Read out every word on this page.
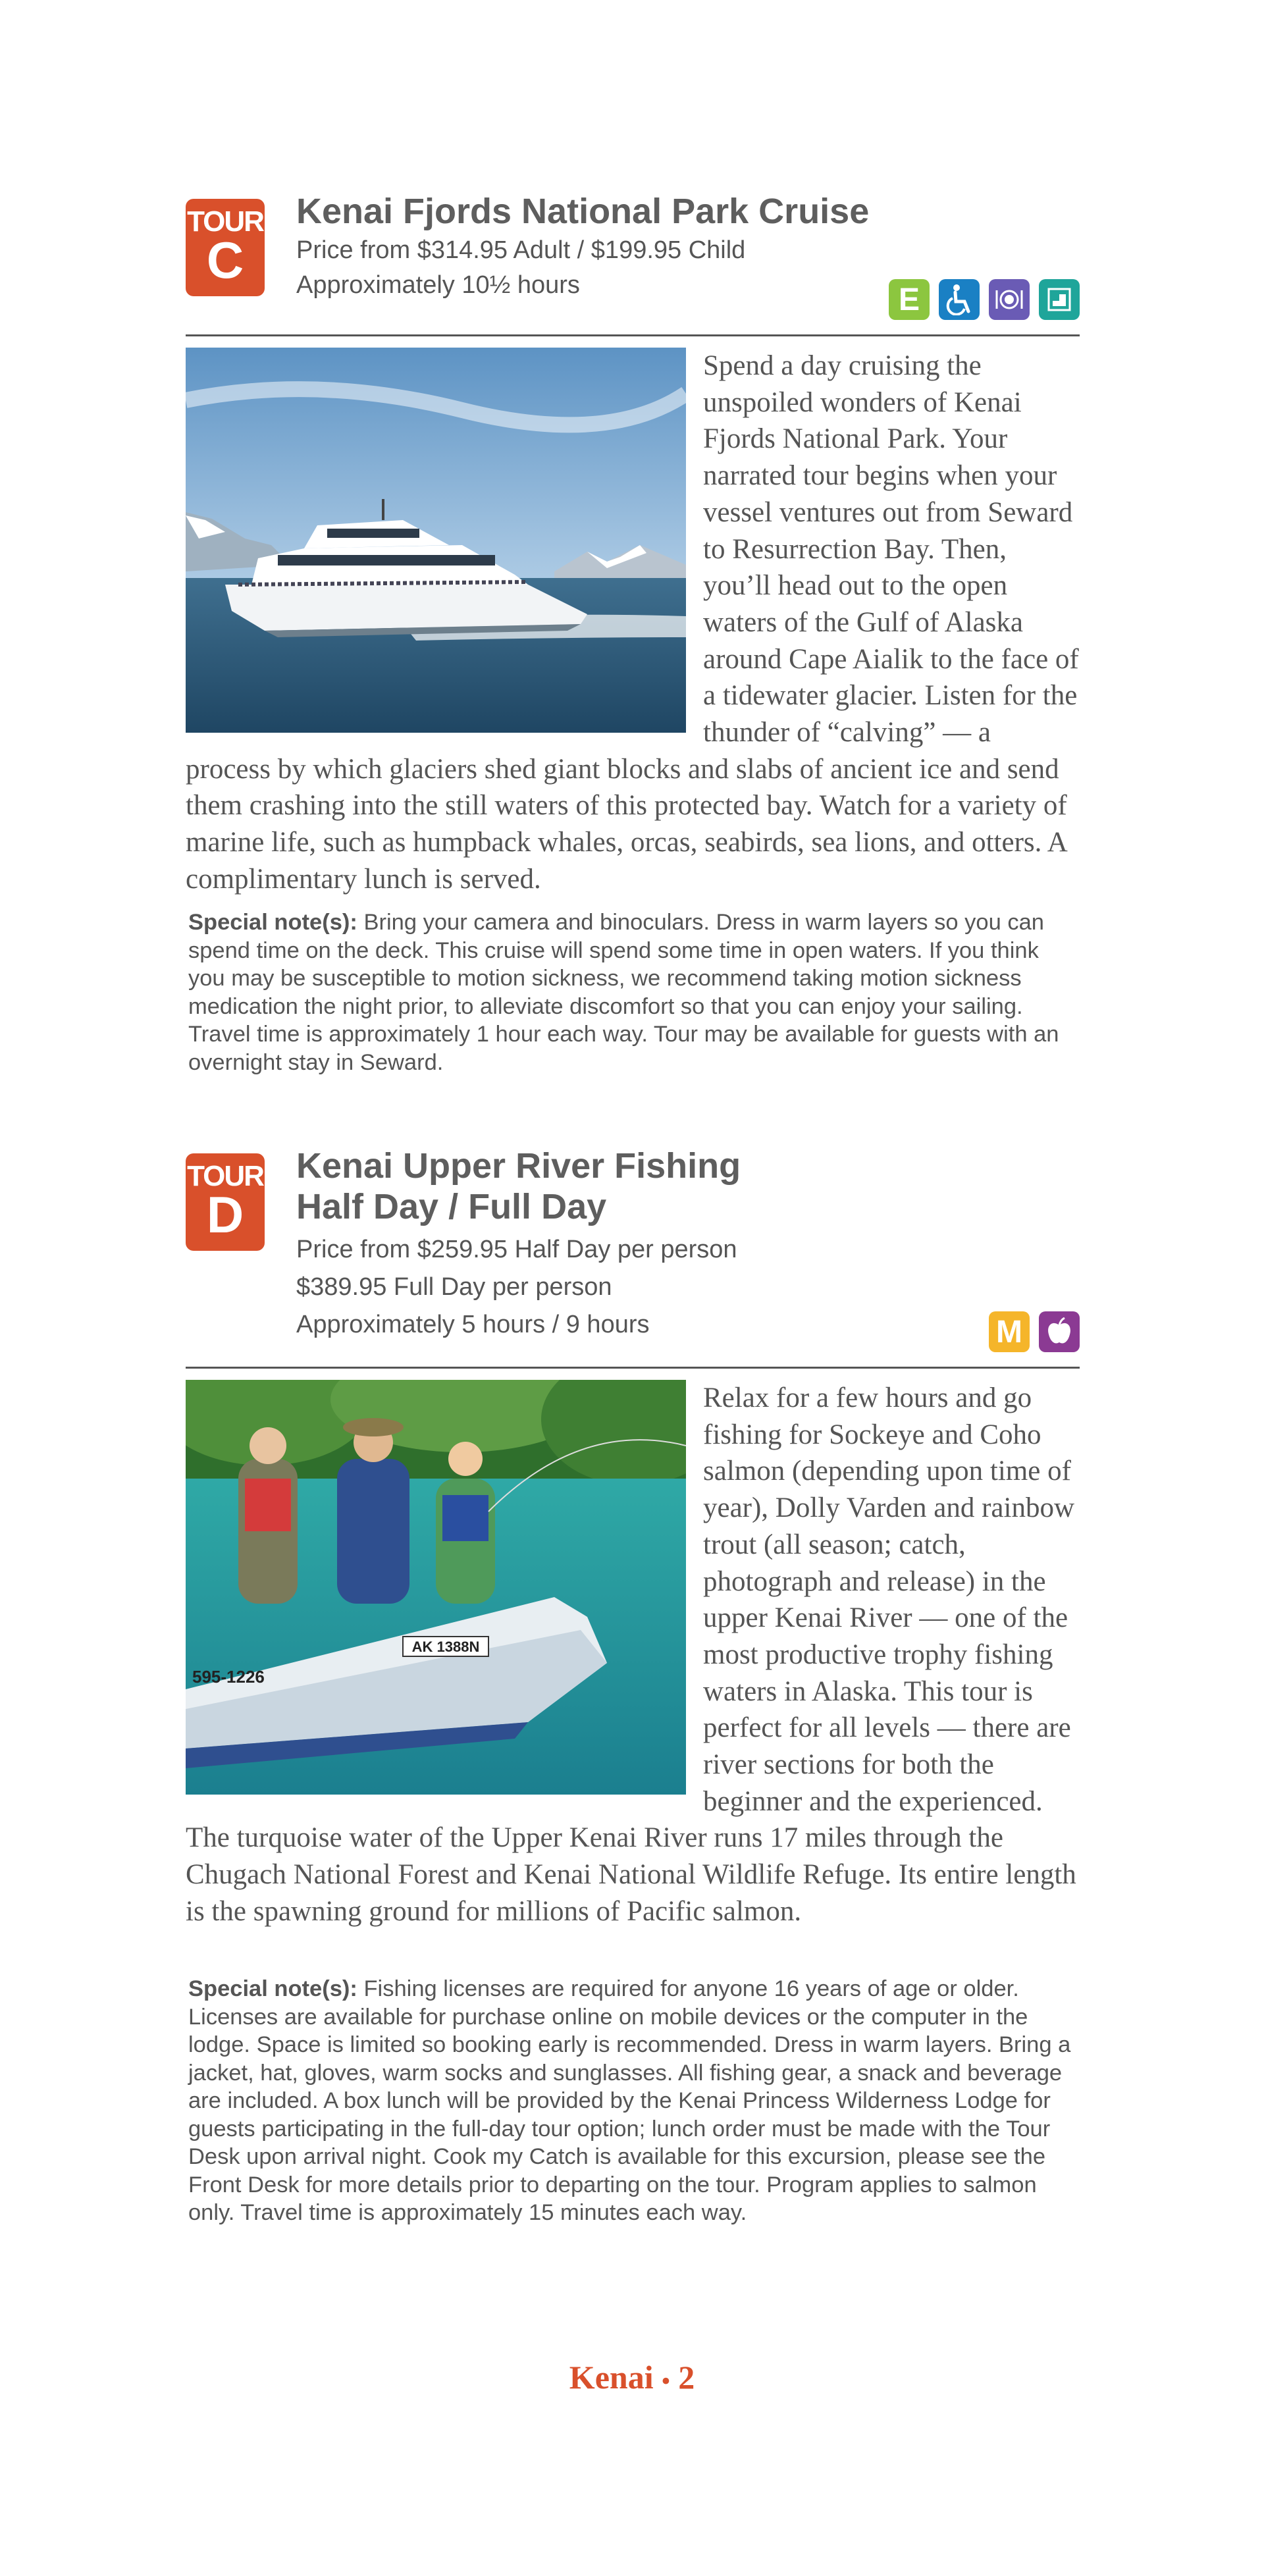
TOUR
C
Kenai Fjords National Park Cruise
Price from $314.95 Adult / $199.95 Child
Approximately 10½ hours	E
Spend a day cruising the unspoiled wonders of Kenai Fjords National Park. Your narrated tour begins when your vessel ventures out from Seward to Resurrection Bay. Then, you’ll head out to the open waters of the Gulf of Alaska around Cape Aialik to the face of a tidewater glacier. Listen for the thunder of “calving” — a process by which glaciers shed giant blocks and slabs of ancient ice and send them crashing into the still waters of this protected bay. Watch for a variety of marine life, such as humpback whales, orcas, seabirds, sea lions, and otters. A complimentary lunch is served.
Special note(s): Bring your camera and binoculars. Dress in warm layers so you can spend time on the deck. This cruise will spend some time in open waters. If you think you may be susceptible to motion sickness, we recommend taking motion sickness medication the night prior, to alleviate discomfort so that you can enjoy your sailing. Travel time is approximately 1 hour each way. Tour may be available for guests with an overnight stay in Seward.
TOUR
D
Kenai Upper River Fishing
Half Day / Full Day
Price from $259.95 Half Day per person
$389.95 Full Day per person
Approximately 5 hours / 9 hours	M
AK 1388N
595-1226
Relax for a few hours and go fishing for Sockeye and Coho salmon (depending upon time of year), Dolly Varden and rainbow trout (all season; catch, photograph and release) in the upper Kenai River — one of the most productive trophy fishing waters in Alaska. This tour is perfect for all levels — there are river sections for both the beginner and the experienced. The turquoise water of the Upper Kenai River runs 17 miles through the Chugach National Forest and Kenai National Wildlife Refuge. Its entire length is the spawning ground for millions of Pacific salmon.
Special note(s): Fishing licenses are required for anyone 16 years of age or older. Licenses are available for purchase online on mobile devices or the computer in the lodge. Space is limited so booking early is recommended. Dress in warm layers. Bring a jacket, hat, gloves, warm socks and sunglasses. All fishing gear, a snack and beverage are included. A box lunch will be provided by the Kenai Princess Wilderness Lodge for guests participating in the full-day tour option; lunch order must be made with the Tour Desk upon arrival night. Cook my Catch is available for this excursion, please see the Front Desk for more details prior to departing on the tour. Program applies to salmon only. Travel time is approximately 15 minutes each way.
Kenai • 2
